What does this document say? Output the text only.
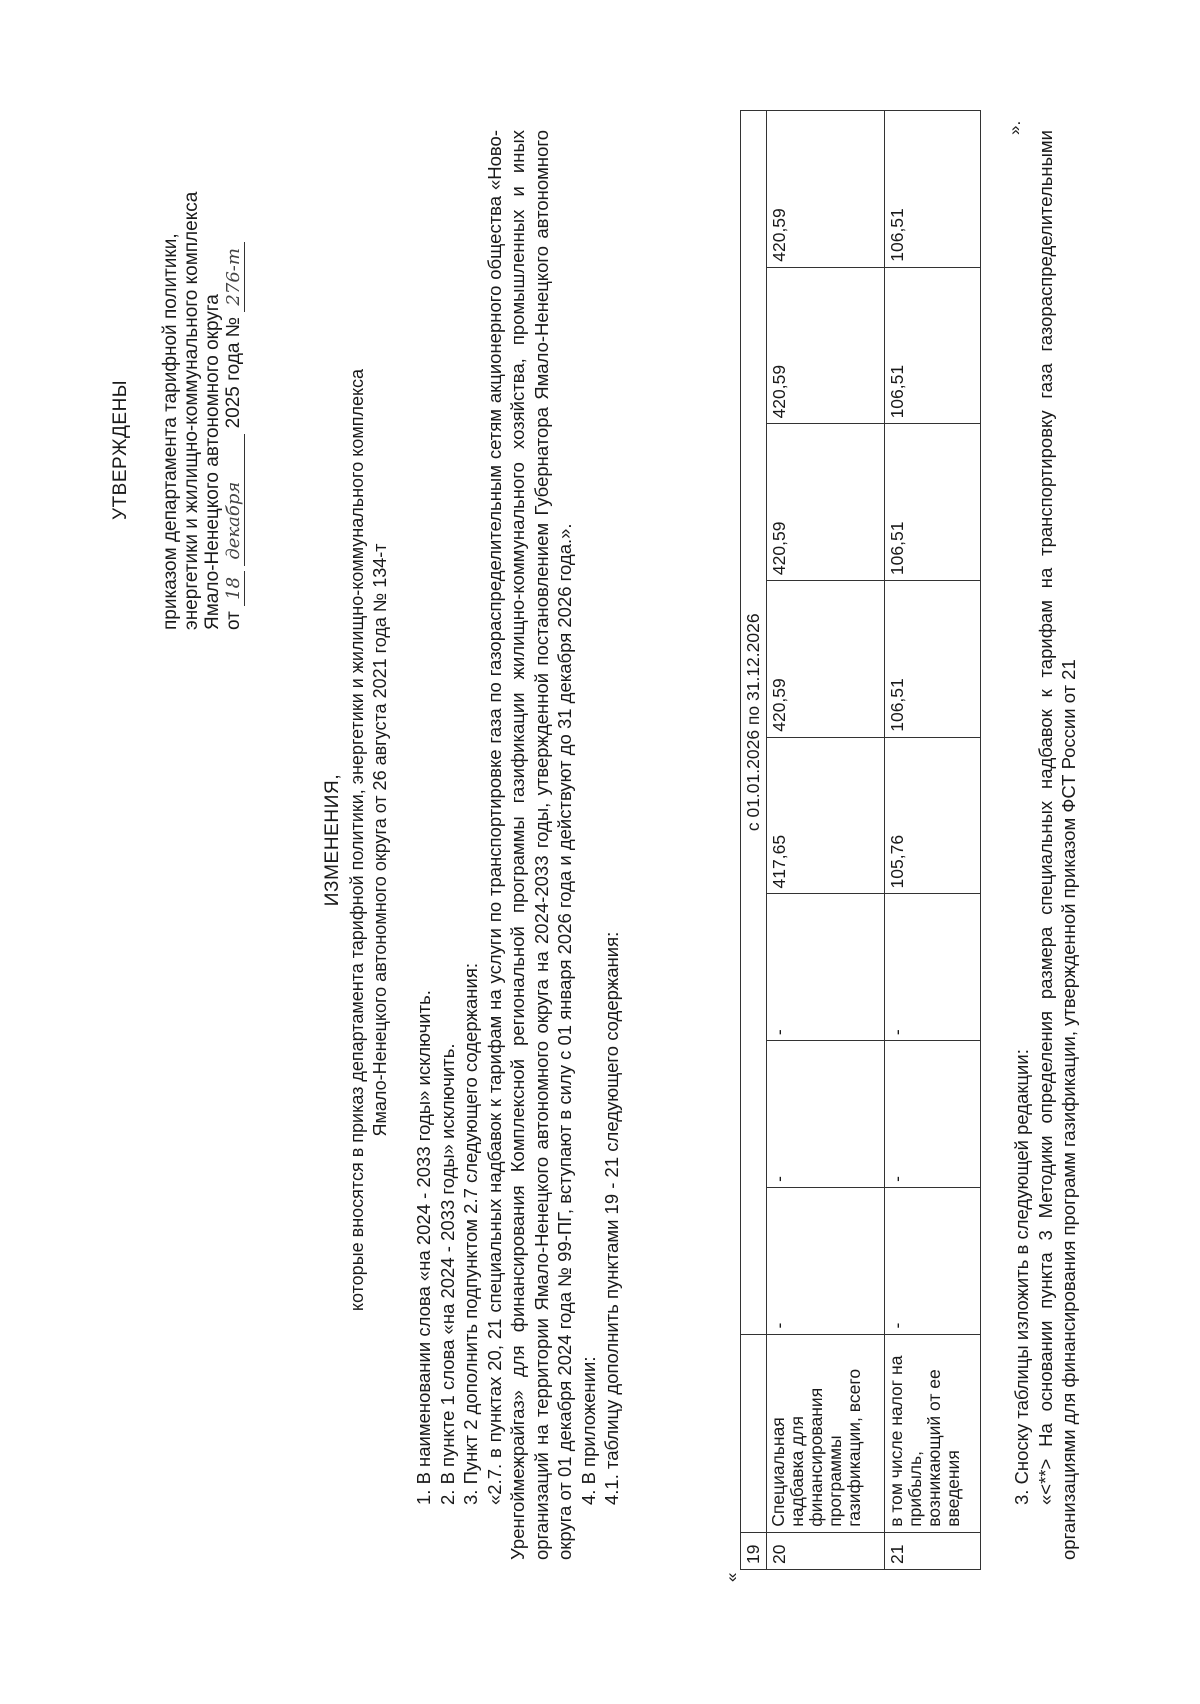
УТВЕРЖДЕНЫ приказом департамента тарифной политики, энергетики и жилищно-коммунального комплекса Ямало-Ненецкого автономного округа от 18 декабря 2025 года № 276-т
ИЗМЕНЕНИЯ, которые вносятся в приказ департамента тарифной политики, энергетики и жилищно-коммунального комплекса Ямало-Ненецкого автономного округа от 26 августа 2021 года № 134-т

1. В наименовании слова «на 2024 - 2033 годы» исключить. 2. В пункте 1 слова «на 2024 - 2033 годы» исключить. 3. Пункт 2 дополнить подпунктом 2.7 следующего содержания: «2.7. в пунктах 20, 21 специальных надбавок к тарифам на услуги по транспортировке газа по газораспределительным сетям акционерного общества «Ново-Уренгоймежрайгаз» для финансирования Комплексной региональной программы газификации жилищно-коммунального хозяйства, промышленных и иных организаций на территории Ямало-Ненецкого автономного округа на 2024-2033 годы, утвержденной постановлением Губернатора Ямало-Ненецкого автономного округа от 01 декабря 2024 года № 99-ПГ, вступают в силу с 01 января 2026 года и действуют до 31 декабря 2026 года.». 4. В приложении: 4.1. таблицу дополнить пунктами 19 - 21 следующего содержания:

«
19		с 01.01.2026 по 31.12.2026							
20	Специальная надбавка для финансирования программы газификации, всего	-	-	-	417,65	420,59	420,59	420,59	420,59
21	в том числе налог на прибыль, возникающий от ее введения	-	-	-	105,76	106,51	106,51	106,51	106,51
».

3. Сноску таблицы изложить в следующей редакции: «<**> На основании пункта 3 Методики определения размера специальных надбавок к тарифам на транспортировку газа газораспределительными организациями для финансирования программ газификации, утвержденной приказом ФСТ России от 21
